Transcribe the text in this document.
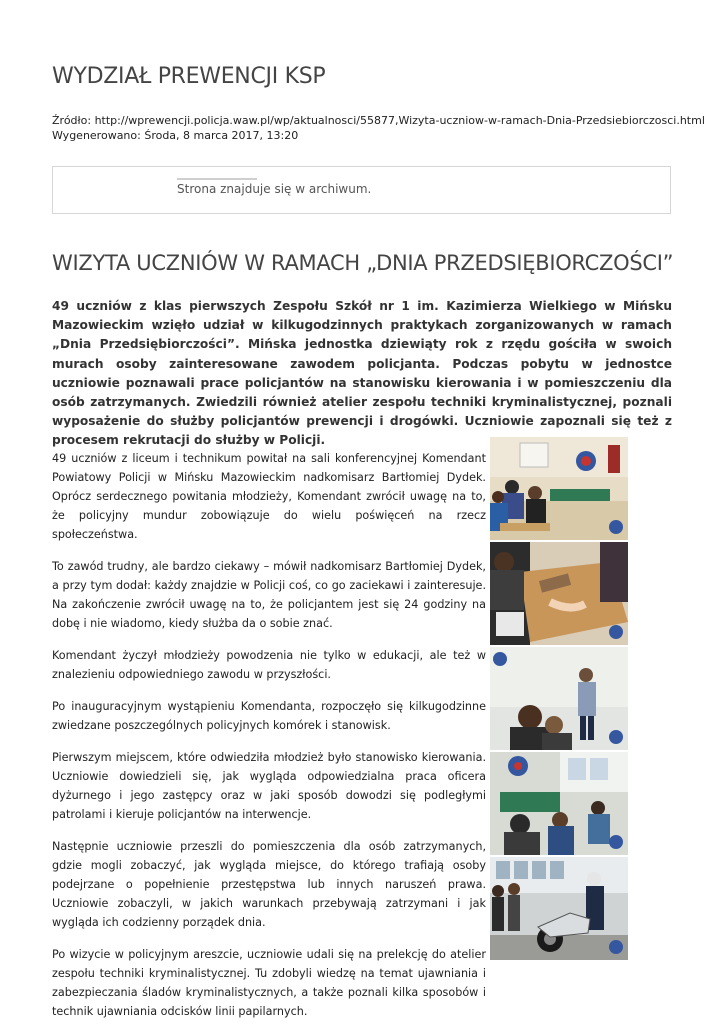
WYDZIAŁ PREWENCJI KSP
Źródło: http://wprewencji.policja.waw.pl/wp/aktualnosci/55877,Wizyta-uczniow-w-ramach-Dnia-Przedsiebiorczosci.html
Wygenerowano: Środa, 8 marca 2017, 13:20
Strona znajduje się w archiwum.
WIZYTA UCZNIÓW W RAMACH „DNIA PRZEDSIĘBIORCZOŚCI”

49 uczniów z klas pierwszych Zespołu Szkół nr 1 im. Kazimierza Wielkiego w Mińsku Mazowieckim wzięło udział w kilkugodzinnych praktykach zorganizowanych w ramach „Dnia Przedsiębiorczości”. Mińska jednostka dziewiąty rok z rzędu gościła w swoich murach osoby zainteresowane zawodem policjanta. Podczas pobytu w jednostce uczniowie poznawali prace policjantów na stanowisku kierowania i w pomieszczeniu dla osób zatrzymanych. Zwiedzili również atelier zespołu techniki kryminalistycznej, poznali wyposażenie do służby policjantów prewencji i drogówki. Uczniowie zapoznali się też z procesem rekrutacji do służby w Policji.

49 uczniów z liceum i technikum powitał na sali konferencyjnej Komendant Powiatowy Policji w Mińsku Mazowieckim nadkomisarz Bartłomiej Dydek. Oprócz serdecznego powitania młodzieży, Komendant zwrócił uwagę na to, że policyjny mundur zobowiązuje do wielu poświęceń na rzecz społeczeństwa.

To zawód trudny, ale bardzo ciekawy – mówił nadkomisarz Bartłomiej Dydek, a przy tym dodał: każdy znajdzie w Policji coś, co go zaciekawi i zainteresuje. Na zakończenie zwrócił uwagę na to, że policjantem jest się 24 godziny na dobę i nie wiadomo, kiedy służba da o sobie znać.

Komendant życzył młodzieży powodzenia nie tylko w edukacji, ale też w znalezieniu odpowiedniego zawodu w przyszłości.

Po inauguracyjnym wystąpieniu Komendanta, rozpoczęło się kilkugodzinne zwiedzane poszczególnych policyjnych komórek i stanowisk.

Pierwszym miejscem, które odwiedziła młodzież było stanowisko kierowania. Uczniowie dowiedzieli się, jak wygląda odpowiedzialna praca oficera dyżurnego i jego zastępcy oraz w jaki sposób dowodzi się podległymi patrolami i kieruje policjantów na interwencje.

Następnie uczniowie przeszli do pomieszczenia dla osób zatrzymanych, gdzie mogli zobaczyć, jak wygląda miejsce, do którego trafiają osoby podejrzane o popełnienie przestępstwa lub innych naruszeń prawa. Uczniowie zobaczyli, w jakich warunkach przebywają zatrzymani i jak wygląda ich codzienny porządek dnia.

Po wizycie w policyjnym areszcie, uczniowie udali się na prelekcję do atelier zespołu techniki kryminalistycznej. Tu zdobyli wiedzę na temat ujawniania i zabezpieczania śladów kryminalistycznych, a także poznali kilka sposobów i technik ujawniania odcisków linii papilarnych.
